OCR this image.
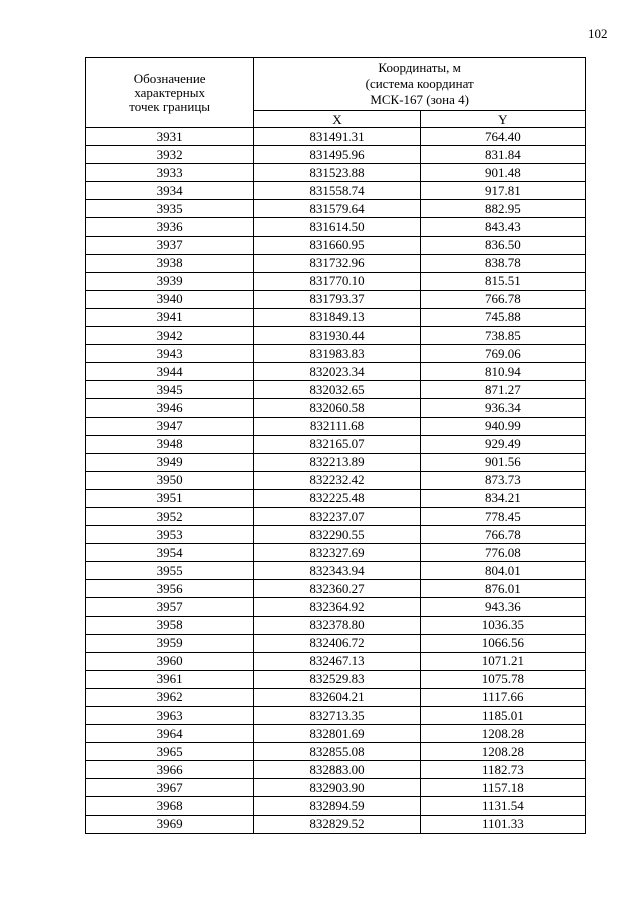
102
Обозначение
характерных
точек границы	Координаты, м
(система координат
МСК-167 (зона 4)	
	X	Y
3931	831491.31	764.40
3932	831495.96	831.84
3933	831523.88	901.48
3934	831558.74	917.81
3935	831579.64	882.95
3936	831614.50	843.43
3937	831660.95	836.50
3938	831732.96	838.78
3939	831770.10	815.51
3940	831793.37	766.78
3941	831849.13	745.88
3942	831930.44	738.85
3943	831983.83	769.06
3944	832023.34	810.94
3945	832032.65	871.27
3946	832060.58	936.34
3947	832111.68	940.99
3948	832165.07	929.49
3949	832213.89	901.56
3950	832232.42	873.73
3951	832225.48	834.21
3952	832237.07	778.45
3953	832290.55	766.78
3954	832327.69	776.08
3955	832343.94	804.01
3956	832360.27	876.01
3957	832364.92	943.36
3958	832378.80	1036.35
3959	832406.72	1066.56
3960	832467.13	1071.21
3961	832529.83	1075.78
3962	832604.21	1117.66
3963	832713.35	1185.01
3964	832801.69	1208.28
3965	832855.08	1208.28
3966	832883.00	1182.73
3967	832903.90	1157.18
3968	832894.59	1131.54
3969	832829.52	1101.33
